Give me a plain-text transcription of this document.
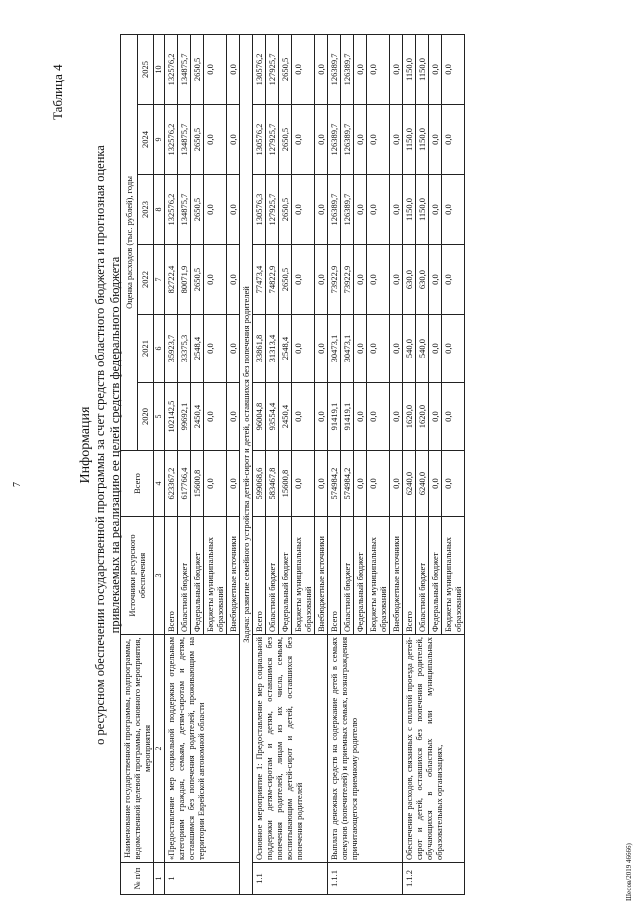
7
Таблица 4
Информация о ресурсном обеспечении государственной программы за счет средств областного бюджета и прогнозная оценка привлекаемых на реализацию ее целей средств федерального бюджета
№ п/п	Наименование государственной программы, подпрограммы, ведомственной целевой программы, основного мероприятия, мероприятия	Источники ресурсного обеспечения	Всего	Оценка расходов (тыс. рублей), годы					
				2020	2021	2022	2023	2024	2025
1	2	3	4	5	6	7	8	9	10
1	«Предоставление мер социальной поддержки отдельным категориям граждан, семьям, детям-сиротам и детям, оставшимся без попечения родителей, проживающим на территории Еврейской автономной области	Всего	623367,2	102142,5	35923,7	82722,4	132576,2	132576,2	132576,2
		Областной бюджет	617766,4	99692,1	33375,3	80071,9	134875,7	134875,7	134875,7
		Федеральный бюджет	15600,8	2450,4	2548,4	2650,5	2650,5	2650,5	2650,5
		Бюджеты муниципальных образований	0,0	0,0	0,0	0,0	0,0	0,0	0,0
		Внебюджетные источники	0,0	0,0	0,0	0,0	0,0	0,0	0,0
Задача: развитие семейного устройства детей-сирот и детей, оставшихся без попечения родителей									
1.1	Основное мероприятие 1: Предоставление мер социальной поддержки детям-сиротам и детям, оставшимся без попечения родителей, лицам из их числа, семьям, воспитывающим детей-сирот и детей, оставшихся без попечения родителей	Всего	599068,6	96004,8	33861,8	77473,4	130576,3	130576,2	130576,2
		Областной бюджет	583467,8	93554,4	31313,4	74822,9	127925,7	127925,7	127925,7
		Федеральный бюджет	15600,8	2450,4	2548,4	2650,5	2650,5	2650,5	2650,5
		Бюджеты муниципальных образований	0,0	0,0	0,0	0,0	0,0	0,0	0,0
		Внебюджетные источники	0,0	0,0	0,0	0,0	0,0	0,0	0,0
1.1.1	Выплата денежных средств на содержание детей в семьях опекунов (попечителей) и приемных семьях, вознаграждения причитающегося приемному родителю	Всего	574984,2	91419,1	30473,1	73922,9	126389,7	126389,7	126389,7
		Областной бюджет	574984,2	91419,1	30473,1	73922,9	126389,7	126389,7	126389,7
		Федеральный бюджет	0,0	0,0	0,0	0,0	0,0	0,0	0,0
		Бюджеты муниципальных образований	0,0	0,0	0,0	0,0	0,0	0,0	0,0
		Внебюджетные источники	0,0	0,0	0,0	0,0	0,0	0,0	0,0
1.1.2	Обеспечение расходов, связанных с оплатой проезда детей-сирот и детей, оставшихся без попечения родителей, обучающихся в областных или муниципальных образовательных организациях,	Всего	6240,0	1620,0	540,0	630,0	1150,0	1150,0	1150,0
		Областной бюджет	6240,0	1620,0	540,0	630,0	1150,0	1150,0	1150,0
		Федеральный бюджет	0,0	0,0	0,0	0,0	0,0	0,0	0,0
		Бюджеты муниципальных образований	0,0	0,0	0,0	0,0	0,0	0,0	0,0
Шесов/2019 46666)
